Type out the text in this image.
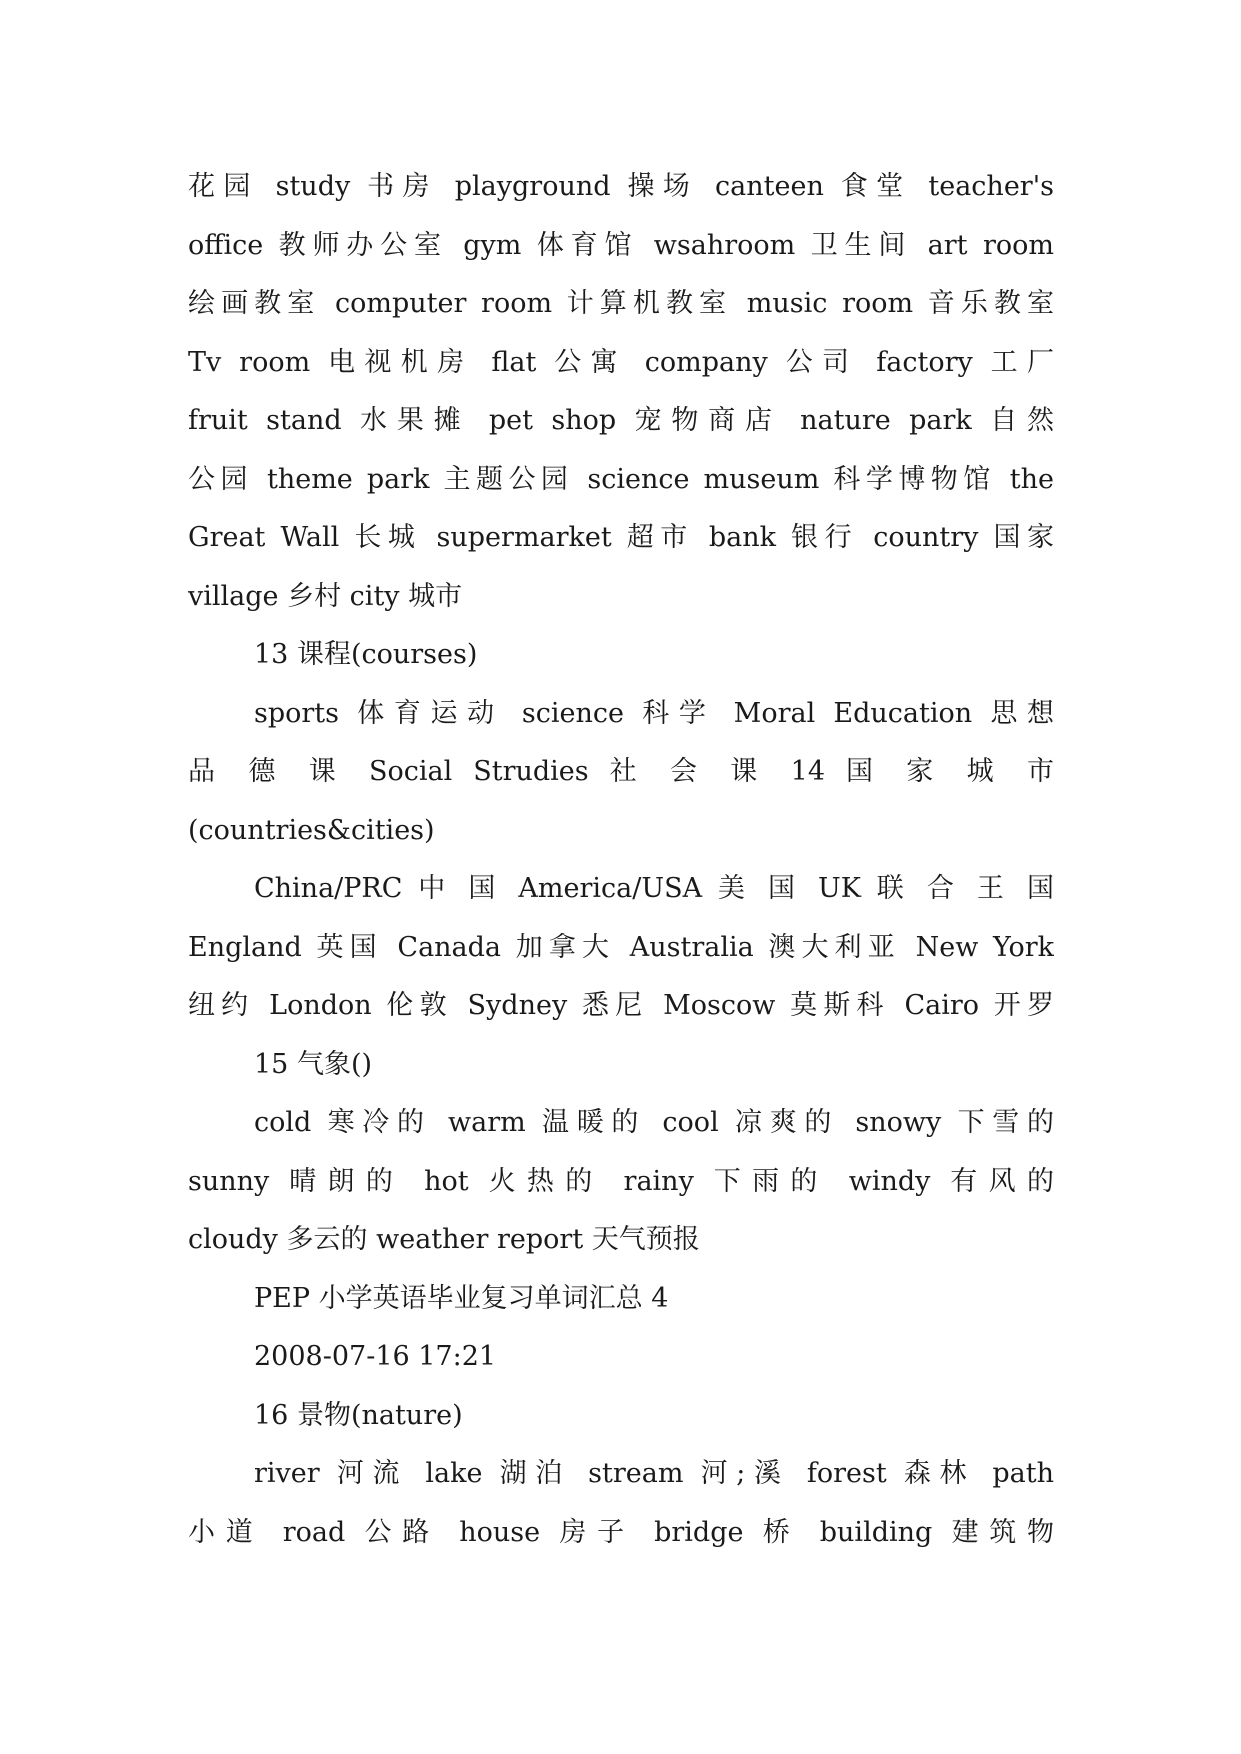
花园 study 书房 playground 操场 canteen 食堂 teacher's
office 教师办公室 gym 体育馆 wsahroom 卫生间 art room
绘画教室 computer room 计算机教室 music room 音乐教室
Tv room 电视机房 flat 公寓 company 公司 factory 工厂
fruit stand 水果摊 pet shop 宠物商店 nature park 自然
公园 theme park 主题公园 science museum 科学博物馆 the
Great Wall 长城 supermarket 超市 bank 银行 country 国家
village 乡村 city 城市
13 课程(courses)
sports 体育运动 science 科学 Moral Education 思想
品 德 课 Social Strudies 社 会 课 14 国 家 城 市
(countries&cities)
China/PRC 中 国 America/USA 美 国 UK 联 合 王 国
England 英国 Canada 加拿大 Australia 澳大利亚 New York
纽约 London 伦敦 Sydney 悉尼 Moscow 莫斯科 Cairo 开罗
15 气象()
cold 寒冷的 warm 温暖的 cool 凉爽的 snowy 下雪的
sunny 晴朗的 hot 火热的 rainy 下雨的 windy 有风的
cloudy 多云的 weather report 天气预报
PEP 小学英语毕业复习单词汇总 4
2008-07-16 17:21
16 景物(nature)
river 河流 lake 湖泊 stream 河;溪 forest 森林 path
小道 road 公路 house 房子 bridge 桥 building 建筑物
